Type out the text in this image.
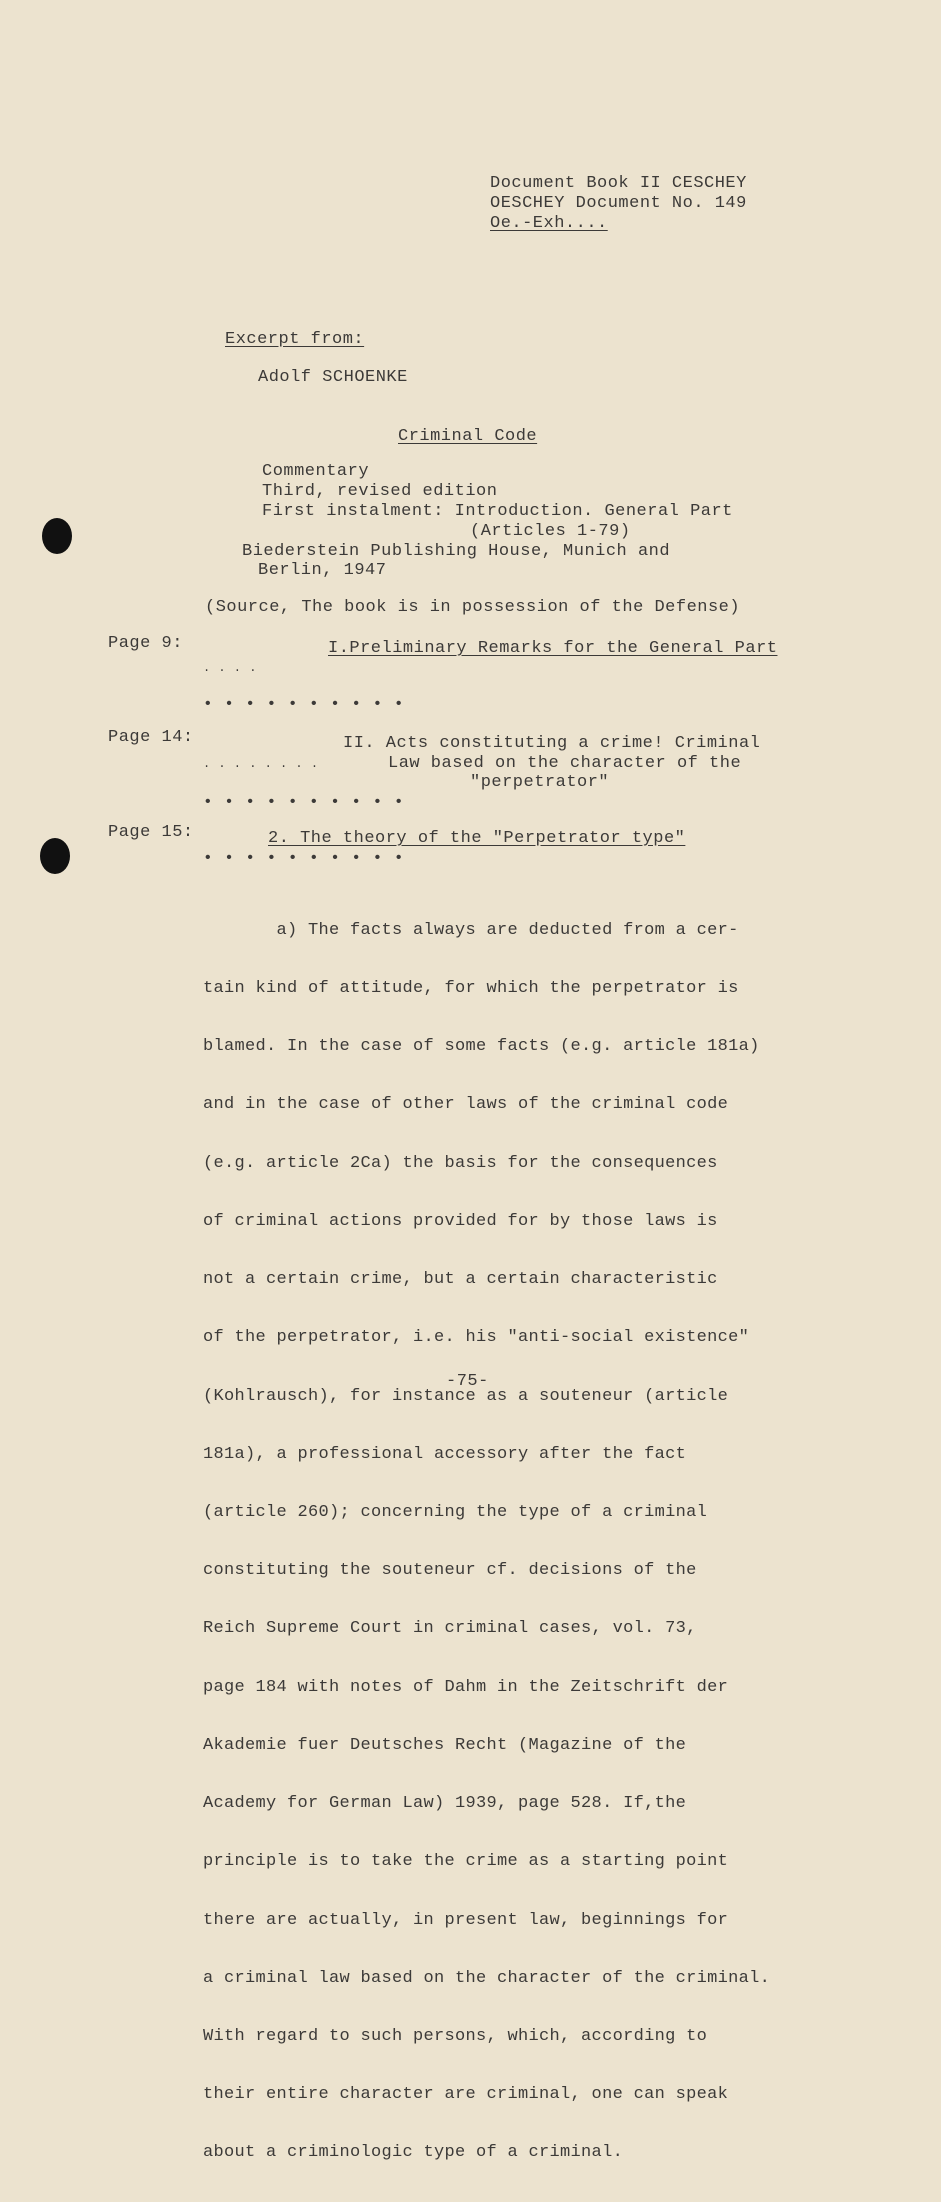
Document Book II CESCHEY
OESCHEY Document No. 149
Oe.-Exh....
Excerpt from:
Adolf SCHOENKE
Criminal Code
Commentary
Third, revised edition
First instalment: Introduction. General Part
(Articles 1-79)
Biederstein Publishing House, Munich and
Berlin, 1947
(Source, The book is in possession of the Defense)
Page 9:	I.Preliminary Remarks for the General Part
. . . .
• • • • • • • • • •
Page 14:
. . . . . . . .
II. Acts constituting a crime! Criminal
Law based on the character of the
"perpetrator"
• • • • • • • • • •
Page 15:	2. The theory of the "Perpetrator type"
• • • • • • • • • •

a) The facts always are deducted from a cer-

tain kind of attitude, for which the perpetrator is

blamed. In the case of some facts (e.g. article 181a)

and in the case of other laws of the criminal code

(e.g. article 2Ca) the basis for the consequences

of criminal actions provided for by those laws is

not a certain crime, but a certain characteristic

of the perpetrator, i.e. his "anti-social existence"

(Kohlrausch), for instance as a souteneur (article

181a), a professional accessory after the fact

(article 260); concerning the type of a criminal

constituting the souteneur cf. decisions of the

Reich Supreme Court in criminal cases, vol. 73,

page 184 with notes of Dahm in the Zeitschrift der

Akademie fuer Deutsches Recht (Magazine of the

Academy for German Law) 1939, page 528. If,the

principle is to take the crime as a starting point

there are actually, in present law, beginnings for

a criminal law based on the character of the criminal.

With regard to such persons, which, according to

their entire character are criminal, one can speak

about a criminologic type of a criminal.

-75-
